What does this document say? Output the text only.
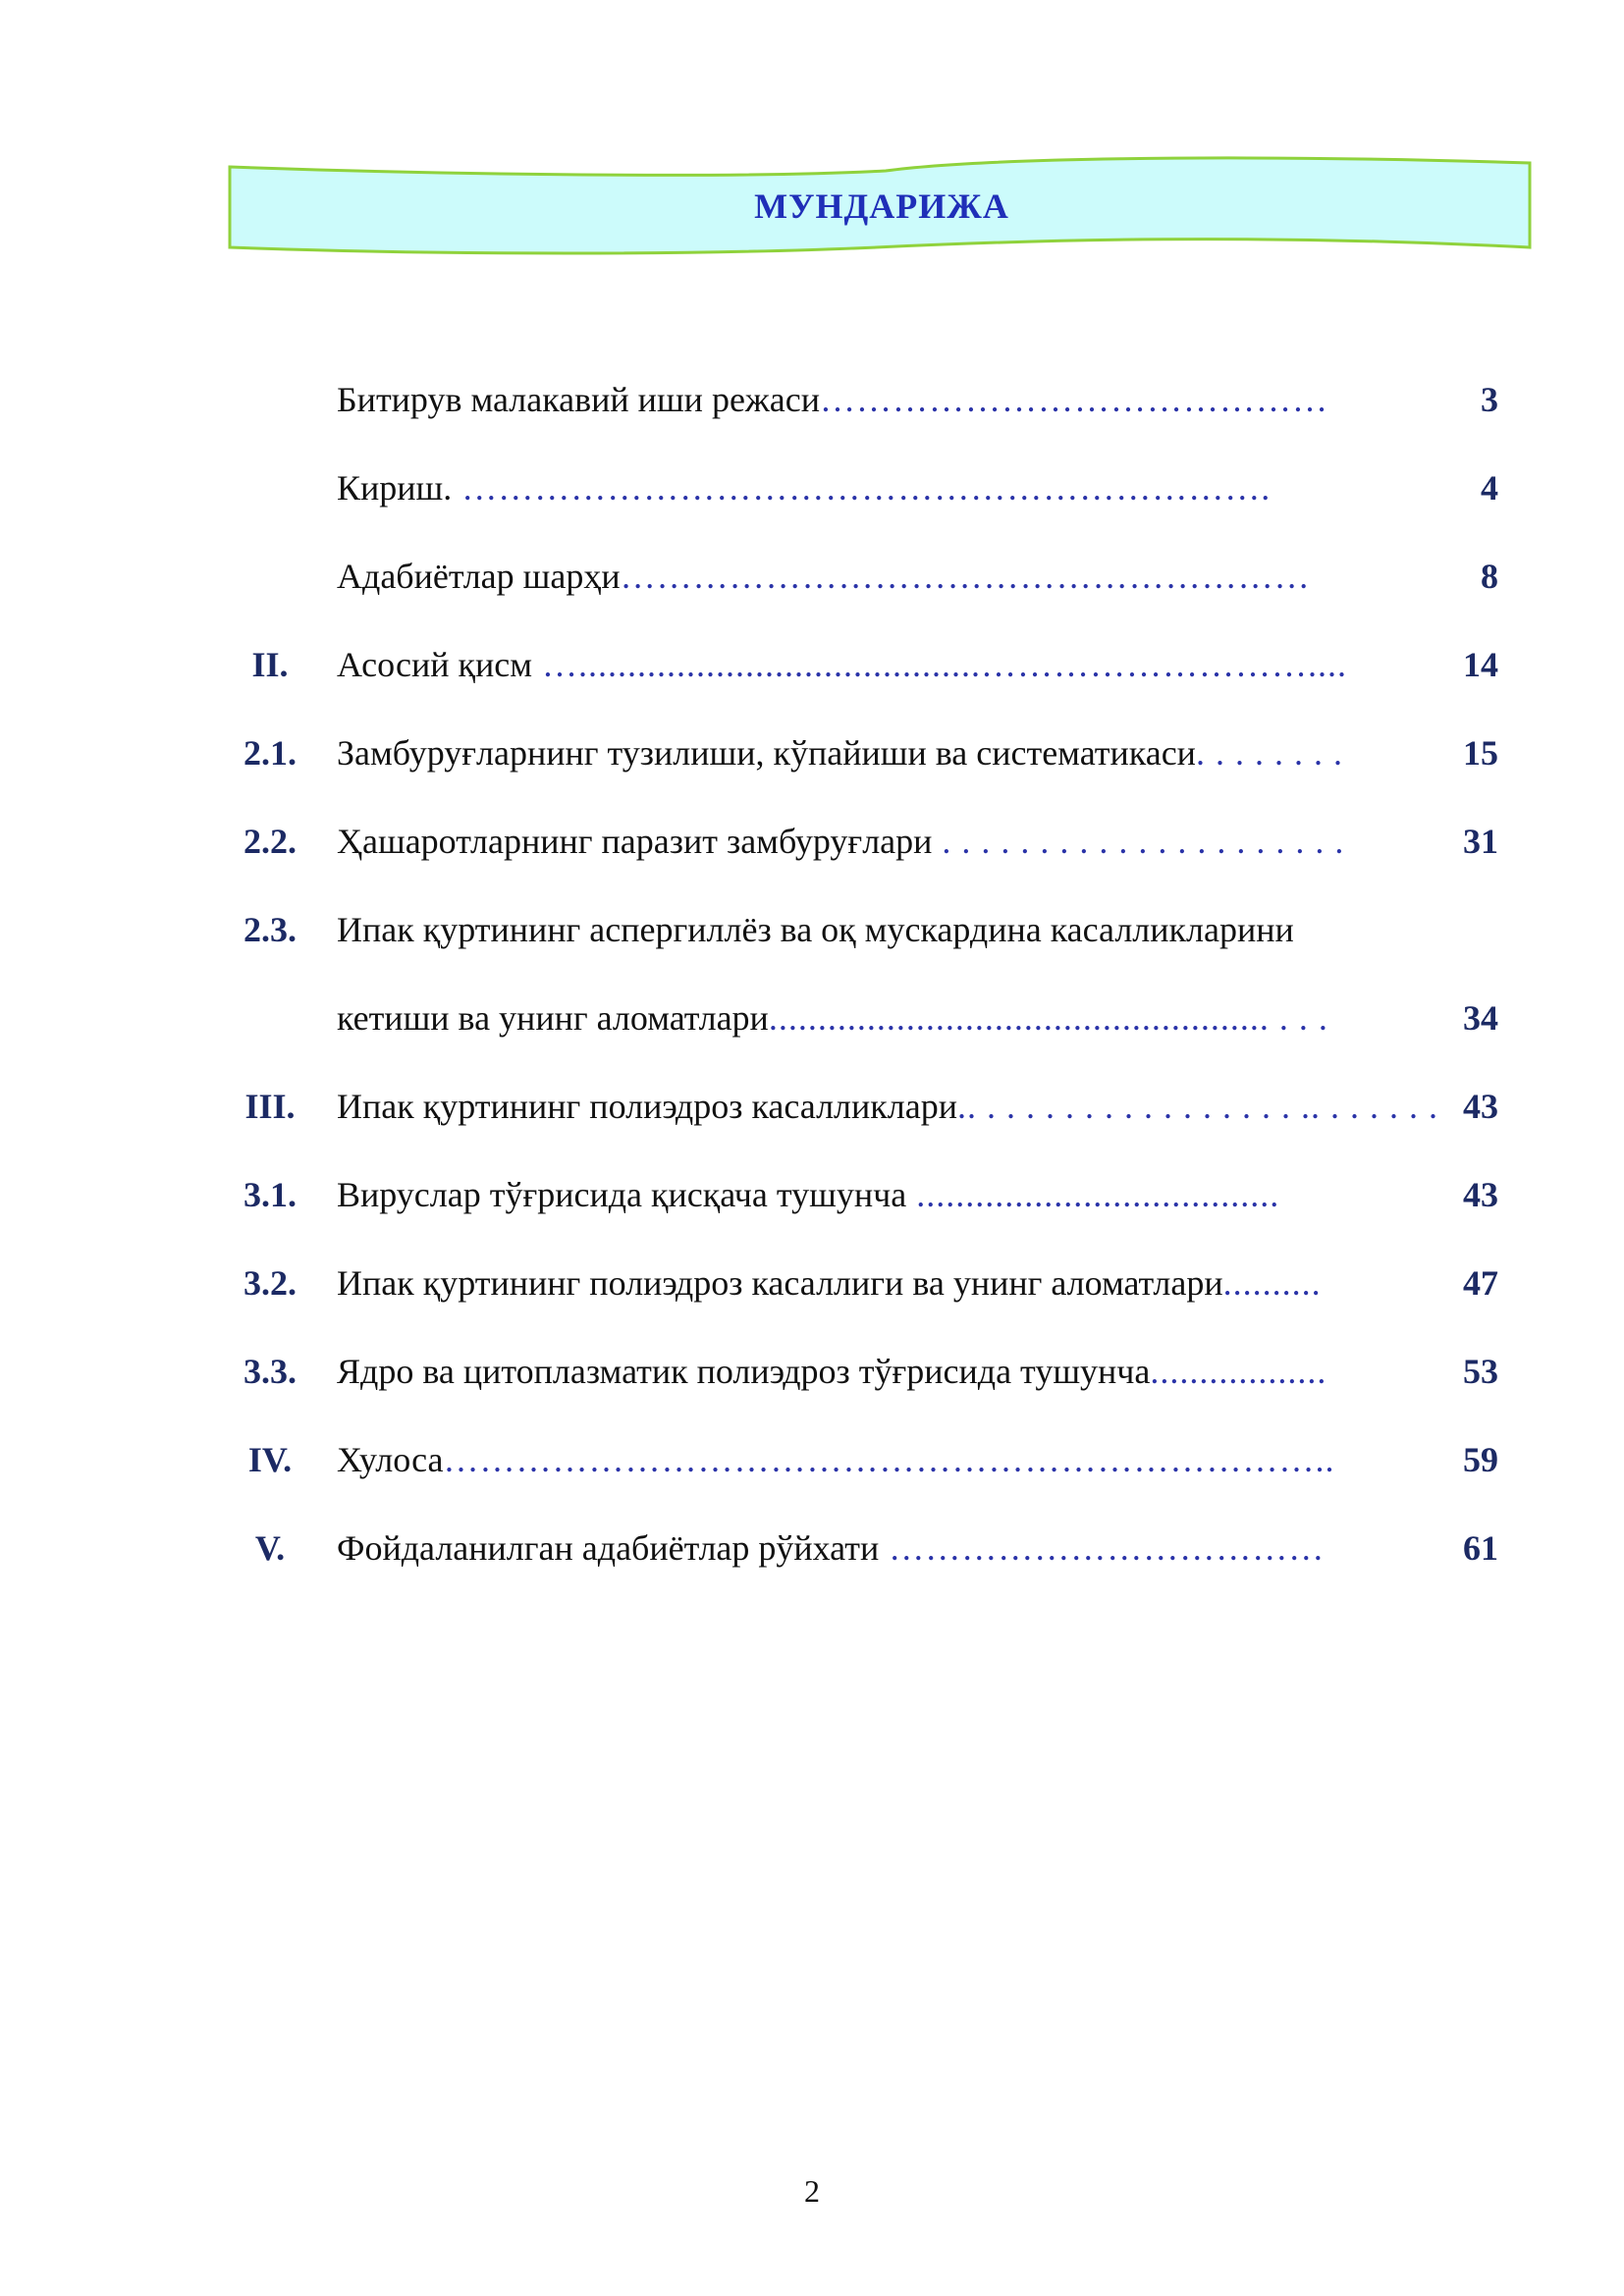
МУНДАРИЖА
Битирув малакавий иши режаси……………………………………	3
Кириш. ………………………………………………………….	4
Адабиётлар шарҳи…………………………………………………	8
II.	Асосий қисм ….........................................………………………....	14
2.1. Замбуруғларнинг тузилиши, кўпайиши ва систематикаси. . . . . . . .	15
2.2. Ҳашаротларнинг паразит замбуруғлари . . . . . . . . . . . . . . . . . . . . .	31
2.3. Ипак қуртининг аспергиллёз ва оқ мускардина касалликларини
кетиши ва унинг аломатлари................................................... . . .	34
III.	Ипак қуртининг полиэдроз касалликлари.. . . . . . . . . . . . . . . . . .. . . . . . . 43
3.1. Вируслар тўғрисида қисқача тушунча .....................................	43
3.2. Ипак қуртининг полиэдроз касаллиги ва унинг аломатлари..........	47
3.3. Ядро ва цитоплазматик полиэдроз тўғрисида тушунча..................	53
IV.	Хулоса………………………………………………………………..	59
V.	Фойдаланилган адабиётлар рўйхати ………………………………	61
2
